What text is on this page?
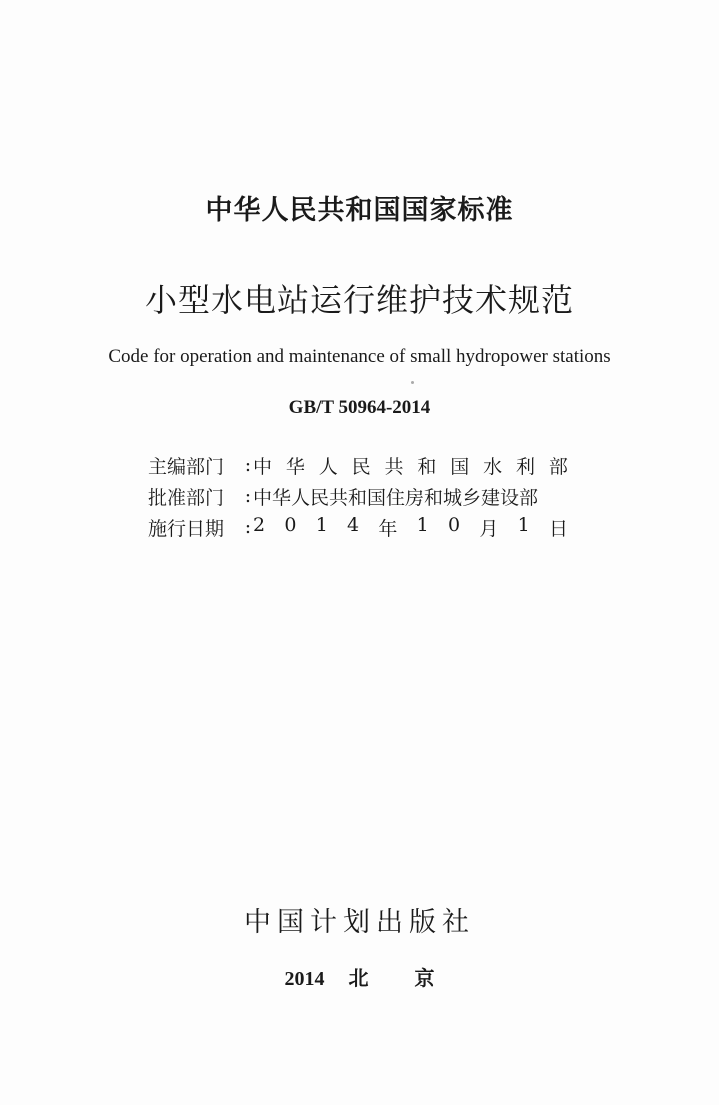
中华人民共和国国家标准
小型水电站运行维护技术规范
Code for operation and maintenance of small hydropower stations
GB/T 50964-2014
主编部门	: 中 华 人 民 共 和 国 水 利 部
批准部门	: 中华人民共和国住房和城乡建设部
施行日期	: 2 0 1 4 年 1 0 月 1 日
中国计划出版社
2014 北 京
